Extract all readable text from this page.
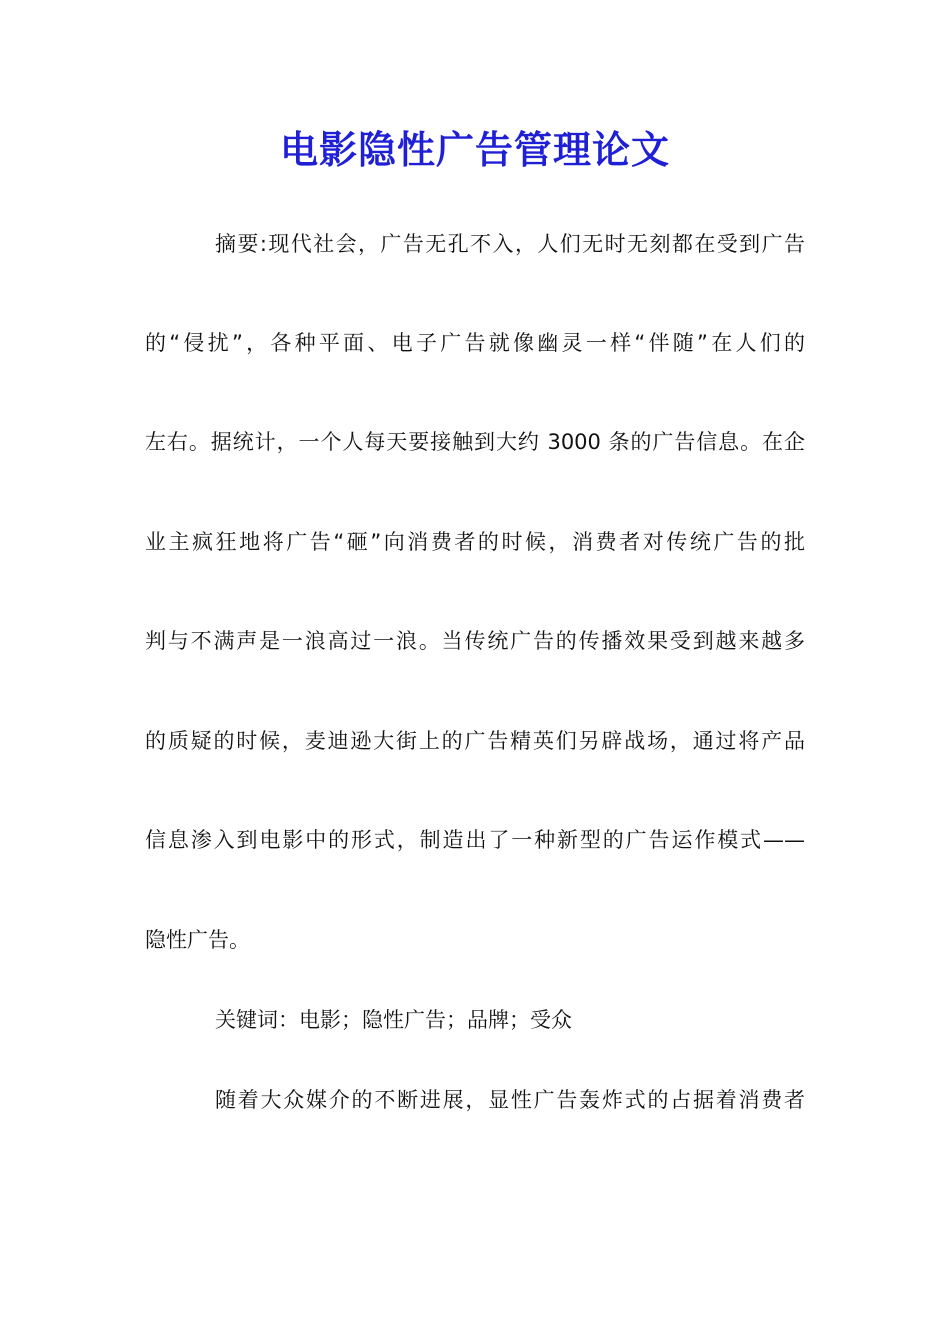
电影隐性广告管理论文
摘要:现代社会，广告无孔不入，人们无时无刻都在受到广告
的“侵扰”，各种平面、电子广告就像幽灵一样“伴随”在人们的
左右。据统计，一个人每天要接触到大约 3000 条的广告信息。在企
业主疯狂地将广告“砸”向消费者的时候，消费者对传统广告的批
判与不满声是一浪高过一浪。当传统广告的传播效果受到越来越多
的质疑的时候，麦迪逊大街上的广告精英们另辟战场，通过将产品
信息渗入到电影中的形式，制造出了一种新型的广告运作模式——
隐性广告。
关键词：电影；隐性广告；品牌；受众
随着大众媒介的不断进展，显性广告轰炸式的占据着消费者
